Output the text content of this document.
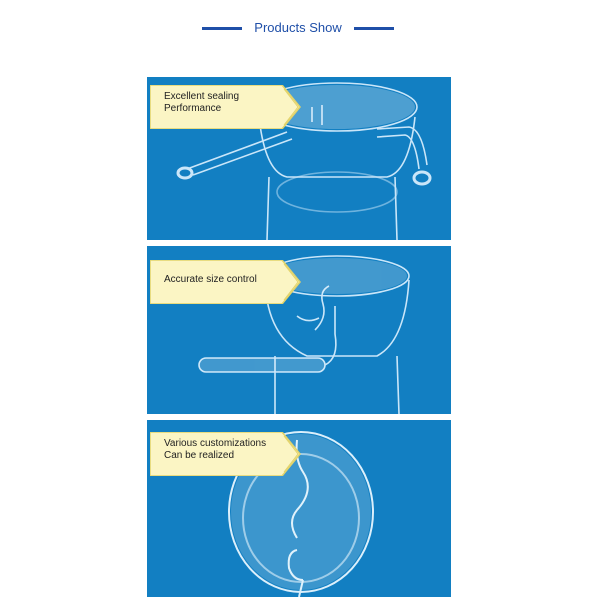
Products Show
Excellent sealing
Performance
Accurate size control
Various customizations
Can be realized
